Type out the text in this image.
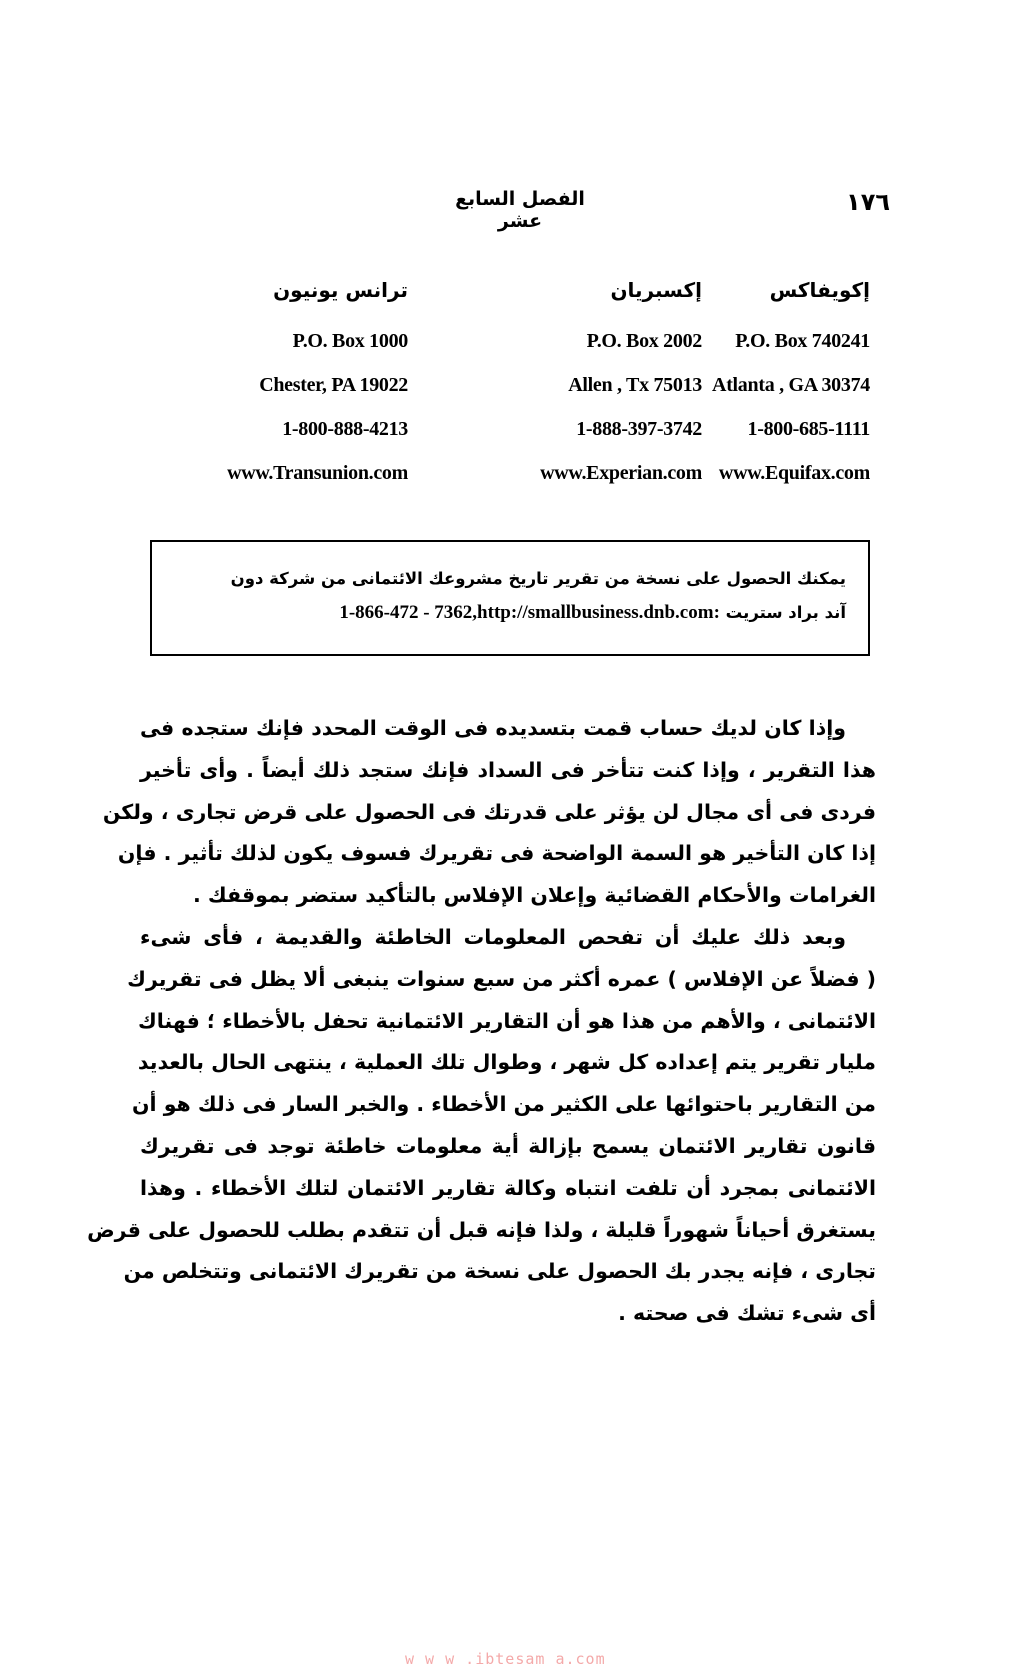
١٧٦
الفصل السابع عشر
إكويفاكس
P.O. Box 740241
Atlanta , GA 30374
1-800-685-1111
www.Equifax.com
إكسبريان
P.O. Box 2002
Allen , Tx 75013
1-888-397-3742
www.Experian.com
ترانس يونيون
P.O. Box 1000
Chester, PA 19022
1-800-888-4213
www.Transunion.com
يمكنك الحصول على نسخة من تقرير تاريخ مشروعك الائتمانى من شركة دون
آند براد ستريت 1-866-472 - 7362,http://smallbusiness.dnb.com:
وإذا كان لديك حساب قمت بتسديده فى الوقت المحدد فإنك ستجده فى
هذا التقرير ، وإذا كنت تتأخر فى السداد فإنك ستجد ذلك أيضاً . وأى تأخير
فردى فى أى مجال لن يؤثر على قدرتك فى الحصول على قرض تجارى ، ولكن
إذا كان التأخير هو السمة الواضحة فى تقريرك فسوف يكون لذلك تأثير . فإن
الغرامات والأحكام القضائية وإعلان الإفلاس بالتأكيد ستضر بموقفك .
وبعد ذلك عليك أن تفحص المعلومات الخاطئة والقديمة ، فأى شىء
( فضلاً عن الإفلاس ) عمره أكثر من سبع سنوات ينبغى ألا يظل فى تقريرك
الائتمانى ، والأهم من هذا هو أن التقارير الائتمانية تحفل بالأخطاء ؛ فهناك
مليار تقرير يتم إعداده كل شهر ، وطوال تلك العملية ، ينتهى الحال بالعديد
من التقارير باحتوائها على الكثير من الأخطاء . والخبر السار فى ذلك هو أن
قانون تقارير الائتمان يسمح بإزالة أية معلومات خاطئة توجد فى تقريرك
الائتمانى بمجرد أن تلفت انتباه وكالة تقارير الائتمان لتلك الأخطاء . وهذا
يستغرق أحياناً شهوراً قليلة ، ولذا فإنه قبل أن تتقدم بطلب للحصول على قرض
تجارى ، فإنه يجدر بك الحصول على نسخة من تقريرك الائتمانى وتتخلص من
أى شىء تشك فى صحته .
w w w .ibtesam a.com
